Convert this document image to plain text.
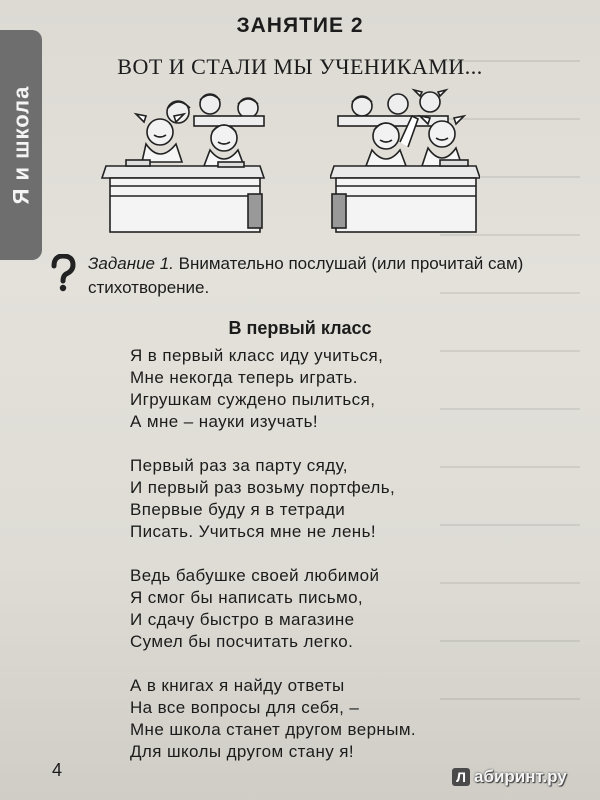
Я и школа
ЗАНЯТИЕ 2
ВОТ И СТАЛИ МЫ УЧЕНИКАМИ...
Задание 1. Внимательно послушай (или прочитай сам) стихотворение.
В первый класс
Я в первый класс иду учиться,
Мне некогда теперь играть.
Игрушкам суждено пылиться,
А мне – науки изучать!
Первый раз за парту сяду,
И первый раз возьму портфель,
Впервые буду я в тетради
Писать. Учиться мне не лень!
Ведь бабушке своей любимой
Я смог бы написать письмо,
И сдачу быстро в магазине
Сумел бы посчитать легко.
А в книгах я найду ответы
На все вопросы для себя, –
Мне школа станет другом верным.
Для школы другом стану я!
4	Л абиринт.ру
